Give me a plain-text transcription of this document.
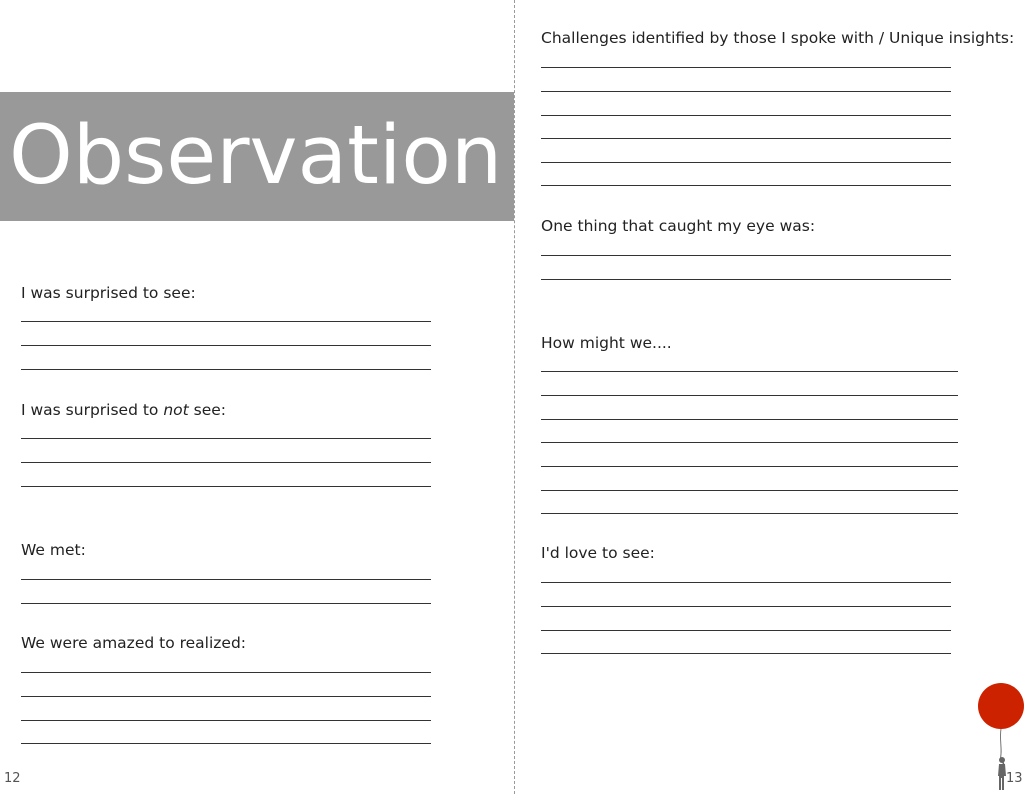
Observation
I was surprised to see:
I was surprised to not see:
We met:
We were amazed to realized:
12
Challenges identified by those I spoke with / Unique insights:
One thing that caught my eye was:
How might we....
I'd love to see:
13
